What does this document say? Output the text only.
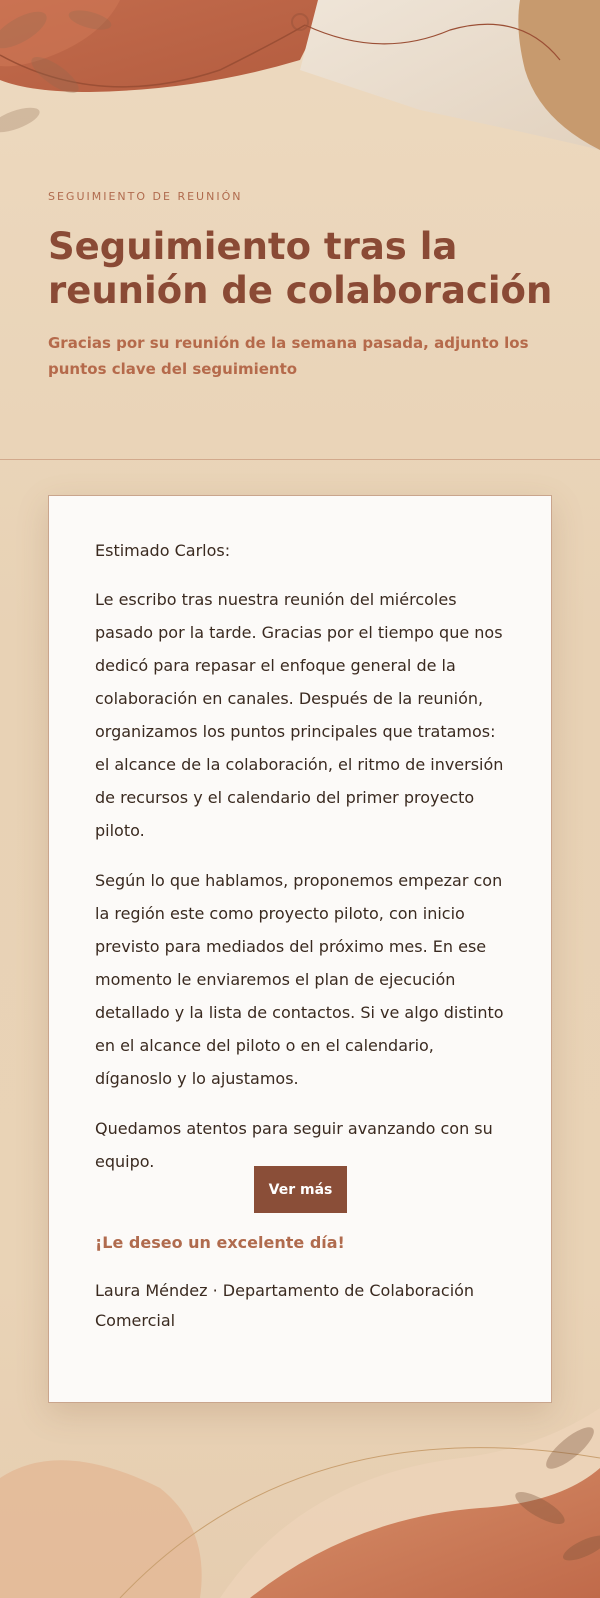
SEGUIMIENTO DE REUNIÓN
Seguimiento tras la reunión de colaboración

Gracias por su reunión de la semana pasada, adjunto los puntos clave del seguimiento

Estimado Carlos:

Le escribo tras nuestra reunión del miércoles pasado por la tarde. Gracias por el tiempo que nos dedicó para repasar el enfoque general de la colaboración en canales. Después de la reunión, organizamos los puntos principales que tratamos: el alcance de la colaboración, el ritmo de inversión de recursos y el calendario del primer proyecto piloto.

Según lo que hablamos, proponemos empezar con la región este como proyecto piloto, con inicio previsto para mediados del próximo mes. En ese momento le enviaremos el plan de ejecución detallado y la lista de contactos. Si ve algo distinto en el alcance del piloto o en el calendario, díganoslo y lo ajustamos.

Quedamos atentos para seguir avanzando con su equipo.

Ver más
¡Le deseo un excelente día!
Laura Méndez · Departamento de Colaboración Comercial
